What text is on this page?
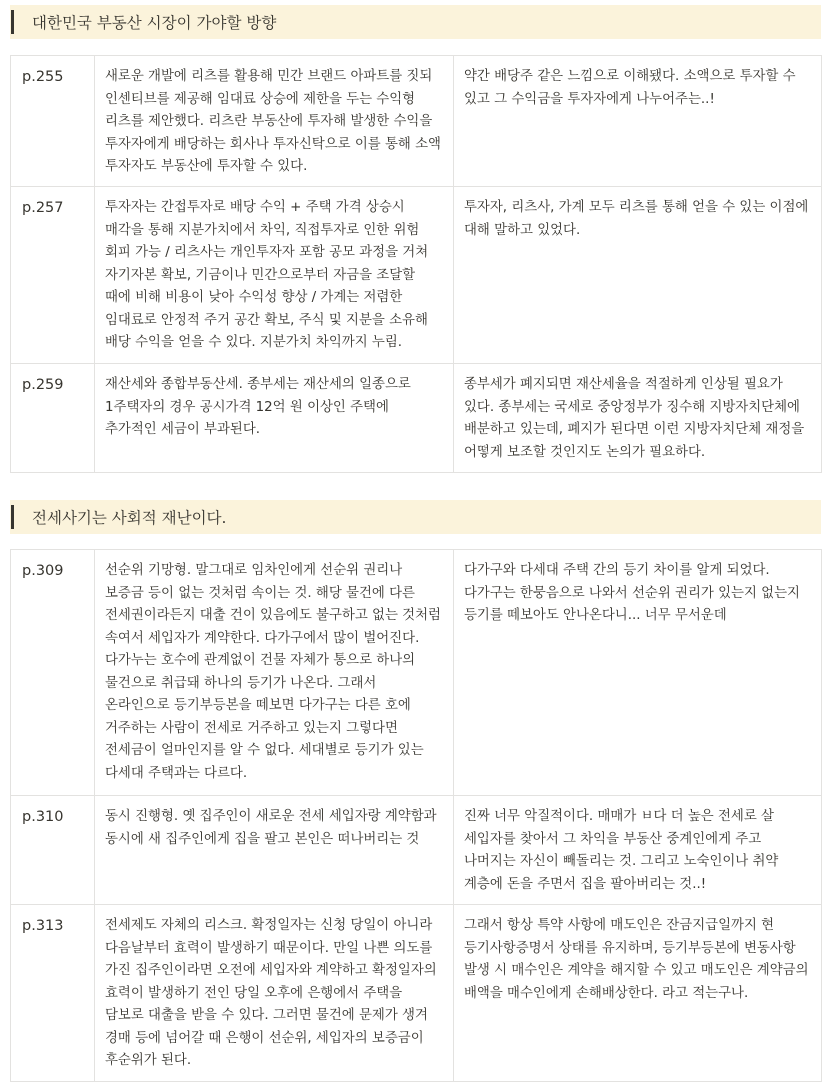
대한민국 부동산 시장이 가야할 방향
p.255	새로운 개발에 리츠를 활용해 민간 브랜드 아파트를 짓되 인센티브를 제공해 임대료 상승에 제한을 두는 수익형 리츠를 제안했다. 리츠란 부동산에 투자해 발생한 수익을 투자자에게 배당하는 회사나 투자신탁으로 이를 통해 소액 투자자도 부동산에 투자할 수 있다.	약간 배당주 같은 느낌으로 이해됐다. 소액으로 투자할 수 있고 그 수익금을 투자자에게 나누어주는..!
p.257	투자자는 간접투자로 배당 수익 + 주택 가격 상승시 매각을 통해 지분가치에서 차익, 직접투자로 인한 위험 회피 가능 / 리츠사는 개인투자자 포함 공모 과정을 거쳐 자기자본 확보, 기금이나 민간으로부터 자금을 조달할 때에 비해 비용이 낮아 수익성 향상 / 가계는 저렴한 임대료로 안정적 주거 공간 확보, 주식 및 지분을 소유해 배당 수익을 얻을 수 있다. 지분가치 차익까지 누림.	투자자, 리츠사, 가계 모두 리츠를 통해 얻을 수 있는 이점에 대해 말하고 있었다.
p.259	재산세와 종합부동산세. 종부세는 재산세의 일종으로 1주택자의 경우 공시가격 12억 원 이상인 주택에 추가적인 세금이 부과된다.	종부세가 폐지되면 재산세율을 적절하게 인상될 필요가 있다. 종부세는 국세로 중앙정부가 징수해 지방자치단체에 배분하고 있는데, 폐지가 된다면 이런 지방자치단체 재정을 어떻게 보조할 것인지도 논의가 필요하다.
전세사기는 사회적 재난이다.
p.309	선순위 기망형. 말그대로 임차인에게 선순위 권리나 보증금 등이 없는 것처럼 속이는 것. 해당 물건에 다른 전세권이라든지 대출 건이 있음에도 불구하고 없는 것처럼 속여서 세입자가 계약한다. 다가구에서 많이 벌어진다. 다가누는 호수에 관계없이 건물 자체가 통으로 하나의 물건으로 취급돼 하나의 등기가 나온다. 그래서 온라인으로 등기부등본을 떼보면 다가구는 다른 호에 거주하는 사람이 전세로 거주하고 있는지 그렇다면 전세금이 얼마인지를 알 수 없다. 세대별로 등기가 있는 다세대 주택과는 다르다.	다가구와 다세대 주택 간의 등기 차이를 알게 되었다. 다가구는 한뭉음으로 나와서 선순위 권리가 있는지 없는지 등기를 떼보아도 안나온다니... 너무 무서운데
p.310	동시 진행형. 옛 집주인이 새로운 전세 세입자랑 계약함과 동시에 새 집주인에게 집을 팔고 본인은 떠나버리는 것	진짜 너무 악질적이다. 매매가 ㅂ다 더 높은 전세로 살 세입자를 찾아서 그 차익을 부동산 중계인에게 주고 나머지는 자신이 빼돌리는 것. 그리고 노숙인이나 취약 계층에 돈을 주면서 집을 팔아버리는 것..!
p.313	전세제도 자체의 리스크. 확정일자는 신청 당일이 아니라 다음날부터 효력이 발생하기 때문이다. 만일 나쁜 의도를 가진 집주인이라면 오전에 세입자와 계약하고 확정일자의 효력이 발생하기 전인 당일 오후에 은행에서 주택을 담보로 대출을 받을 수 있다. 그러면 물건에 문제가 생겨 경매 등에 넘어갈 때 은행이 선순위, 세입자의 보증금이 후순위가 된다.	그래서 항상 특약 사항에 매도인은 잔금지급일까지 현 등기사항증명서 상태를 유지하며, 등기부등본에 변동사항 발생 시 매수인은 계약을 해지할 수 있고 매도인은 계약금의 배액을 매수인에게 손해배상한다. 라고 적는구나.
